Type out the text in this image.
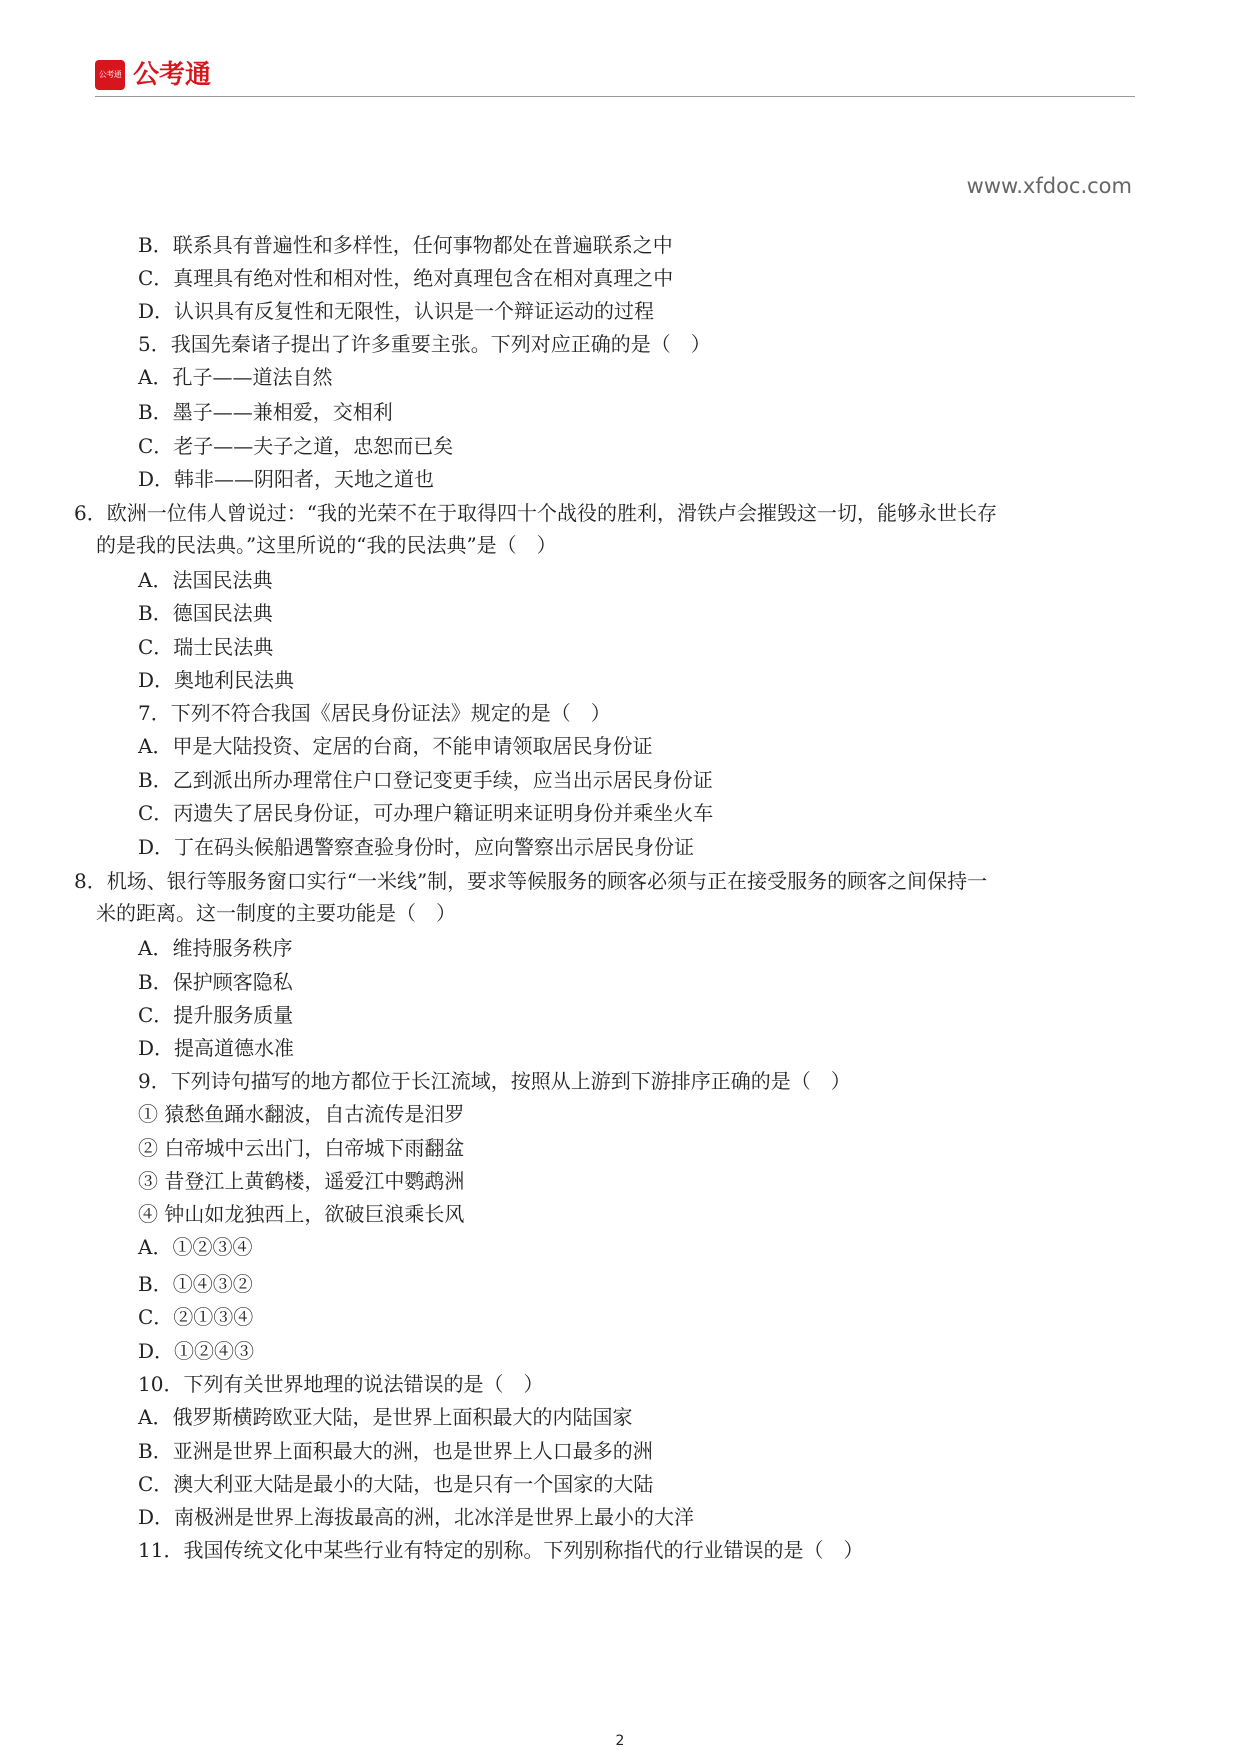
公考通 公考通
www.xfdoc.com
B．联系具有普遍性和多样性，任何事物都处在普遍联系之中
C．真理具有绝对性和相对性，绝对真理包含在相对真理之中
D．认识具有反复性和无限性，认识是一个辩证运动的过程
5．我国先秦诸子提出了许多重要主张。下列对应正确的是（　）
A．孔子——道法自然
B．墨子——兼相爱，交相利
C．老子——夫子之道，忠恕而已矣
D．韩非——阴阳者，天地之道也
6．欧洲一位伟人曾说过：“我的光荣不在于取得四十个战役的胜利，滑铁卢会摧毁这一切，能够永世长存
的是我的民法典。”这里所说的“我的民法典”是（　）
A．法国民法典
B．德国民法典
C．瑞士民法典
D．奥地利民法典
7．下列不符合我国《居民身份证法》规定的是（　）
A．甲是大陆投资、定居的台商，不能申请领取居民身份证
B．乙到派出所办理常住户口登记变更手续，应当出示居民身份证
C．丙遗失了居民身份证，可办理户籍证明来证明身份并乘坐火车
D．丁在码头候船遇警察查验身份时，应向警察出示居民身份证
8．机场、银行等服务窗口实行“一米线”制，要求等候服务的顾客必须与正在接受服务的顾客之间保持一
米的距离。这一制度的主要功能是（　）
A．维持服务秩序
B．保护顾客隐私
C．提升服务质量
D．提高道德水准
9．下列诗句描写的地方都位于长江流域，按照从上游到下游排序正确的是（　）
① 猿愁鱼踊水翻波，自古流传是汨罗
② 白帝城中云出门，白帝城下雨翻盆
③ 昔登江上黄鹤楼，遥爱江中鹦鹉洲
④ 钟山如龙独西上，欲破巨浪乘长风
A．①②③④
B．①④③②
C．②①③④
D．①②④③
10．下列有关世界地理的说法错误的是（　）
A．俄罗斯横跨欧亚大陆，是世界上面积最大的内陆国家
B．亚洲是世界上面积最大的洲，也是世界上人口最多的洲
C．澳大利亚大陆是最小的大陆，也是只有一个国家的大陆
D．南极洲是世界上海拔最高的洲，北冰洋是世界上最小的大洋
11．我国传统文化中某些行业有特定的别称。下列别称指代的行业错误的是（　）
2
